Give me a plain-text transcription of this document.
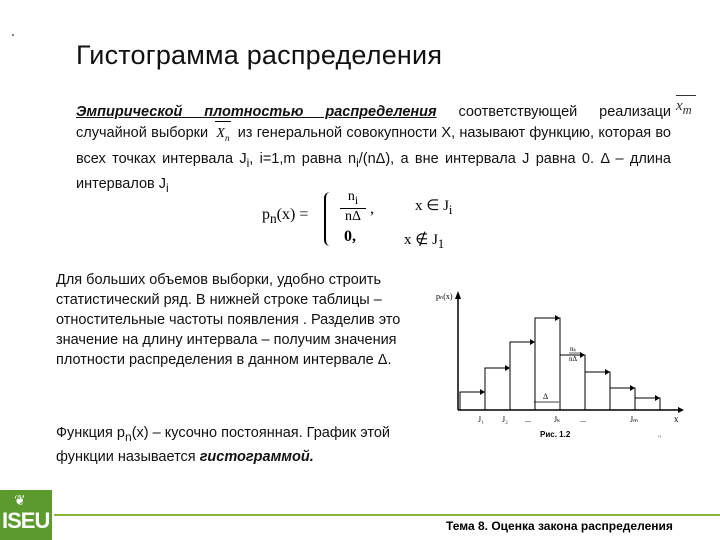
Гистограмма распределения
$x_m$
Эмпирической плотностью распределения соответствующей реализаци случайной выборки $X_n$ из генеральной совокупности X, называют функцию, которая во всех точках интервала $J_i$, i=1,m равна $n_i/(n\Delta)$, а вне интервала J равна 0. Δ – длина интервалов $J_i$
$p_n(x) = \frac{n_i}{n\Delta}$ ,
0,
x ∈ $J_i$
x ∉ $J_1$
Для больших объемов выборки, удобно строить статистический ряд. В нижней строке таблицы – отностительные частоты появления . Разделив это значение на длину интервала – получим значения плотности распределения в данном интервале Δ.
Функция $p_n(x)$ – кусочно постоянная. График этой функции называется гистограммой.
pₙ(x)
x
J₁ J₂ ...	Jₖ ...	Jₘ
nₖ
nΔ
Δ
Рис. 1.2	"
❦
ISEU	Тема 8. Оценка закона распределения
